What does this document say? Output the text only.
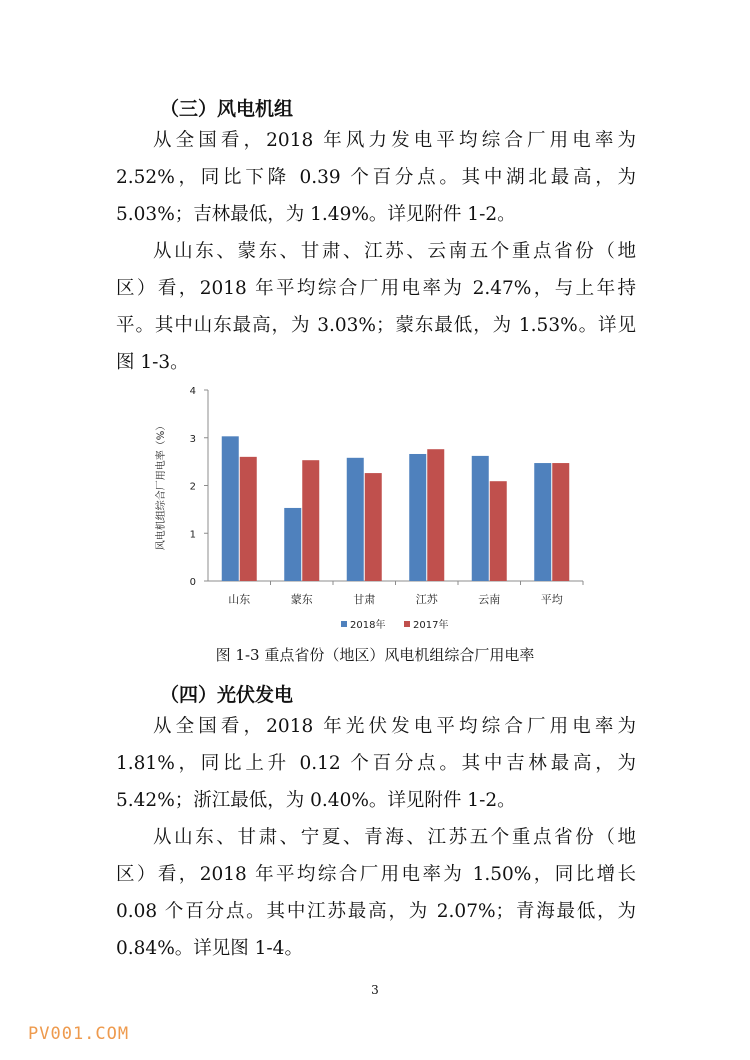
（三）风电机组

从全国看，2018 年风力发电平均综合厂用电率为
2.52%，同比下降 0.39 个百分点。其中湖北最高，为
5.03%；吉林最低，为 1.49%。详见附件 1-2。

从山东、蒙东、甘肃、江苏、云南五个重点省份（地
区）看，2018 年平均综合厂用电率为 2.47%，与上年持
平。其中山东最高，为 3.03%；蒙东最低，为 1.53%。详见
图 1-3。

0
1
2
3
4
风电机组综合厂用电率（%）
山东	蒙东	甘肃	江苏	云南	平均
2018年	2017年
图 1-3 重点省份（地区）风电机组综合厂用电率
（四）光伏发电

从全国看，2018 年光伏发电平均综合厂用电率为
1.81%，同比上升 0.12 个百分点。其中吉林最高，为
5.42%；浙江最低，为 0.40%。详见附件 1-2。

从山东、甘肃、宁夏、青海、江苏五个重点省份（地
区）看，2018 年平均综合厂用电率为 1.50%，同比增长
0.08 个百分点。其中江苏最高，为 2.07%；青海最低，为
0.84%。详见图 1-4。

3
PV001.COM
